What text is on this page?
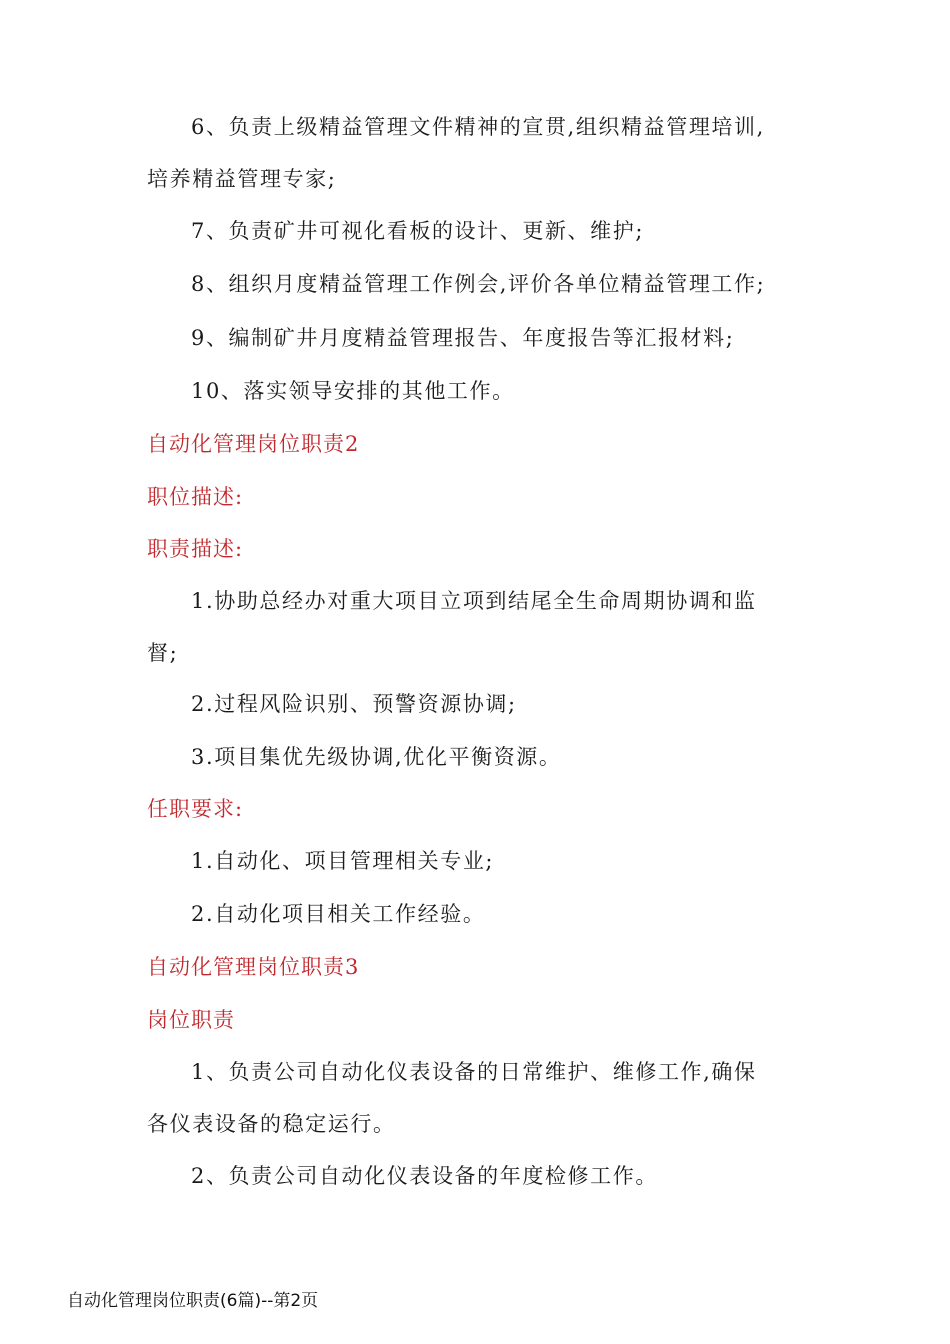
6、负责上级精益管理文件精神的宣贯,组织精益管理培训,
培养精益管理专家;
7、负责矿井可视化看板的设计、更新、维护;
8、组织月度精益管理工作例会,评价各单位精益管理工作;
9、编制矿井月度精益管理报告、年度报告等汇报材料;
10、落实领导安排的其他工作。
自动化管理岗位职责2
职位描述:
职责描述:
1.协助总经办对重大项目立项到结尾全生命周期协调和监
督;
2.过程风险识别、预警资源协调;
3.项目集优先级协调,优化平衡资源。
任职要求:
1.自动化、项目管理相关专业;
2.自动化项目相关工作经验。
自动化管理岗位职责3
岗位职责
1、负责公司自动化仪表设备的日常维护、维修工作,确保
各仪表设备的稳定运行。
2、负责公司自动化仪表设备的年度检修工作。
自动化管理岗位职责(6篇)--第2页
